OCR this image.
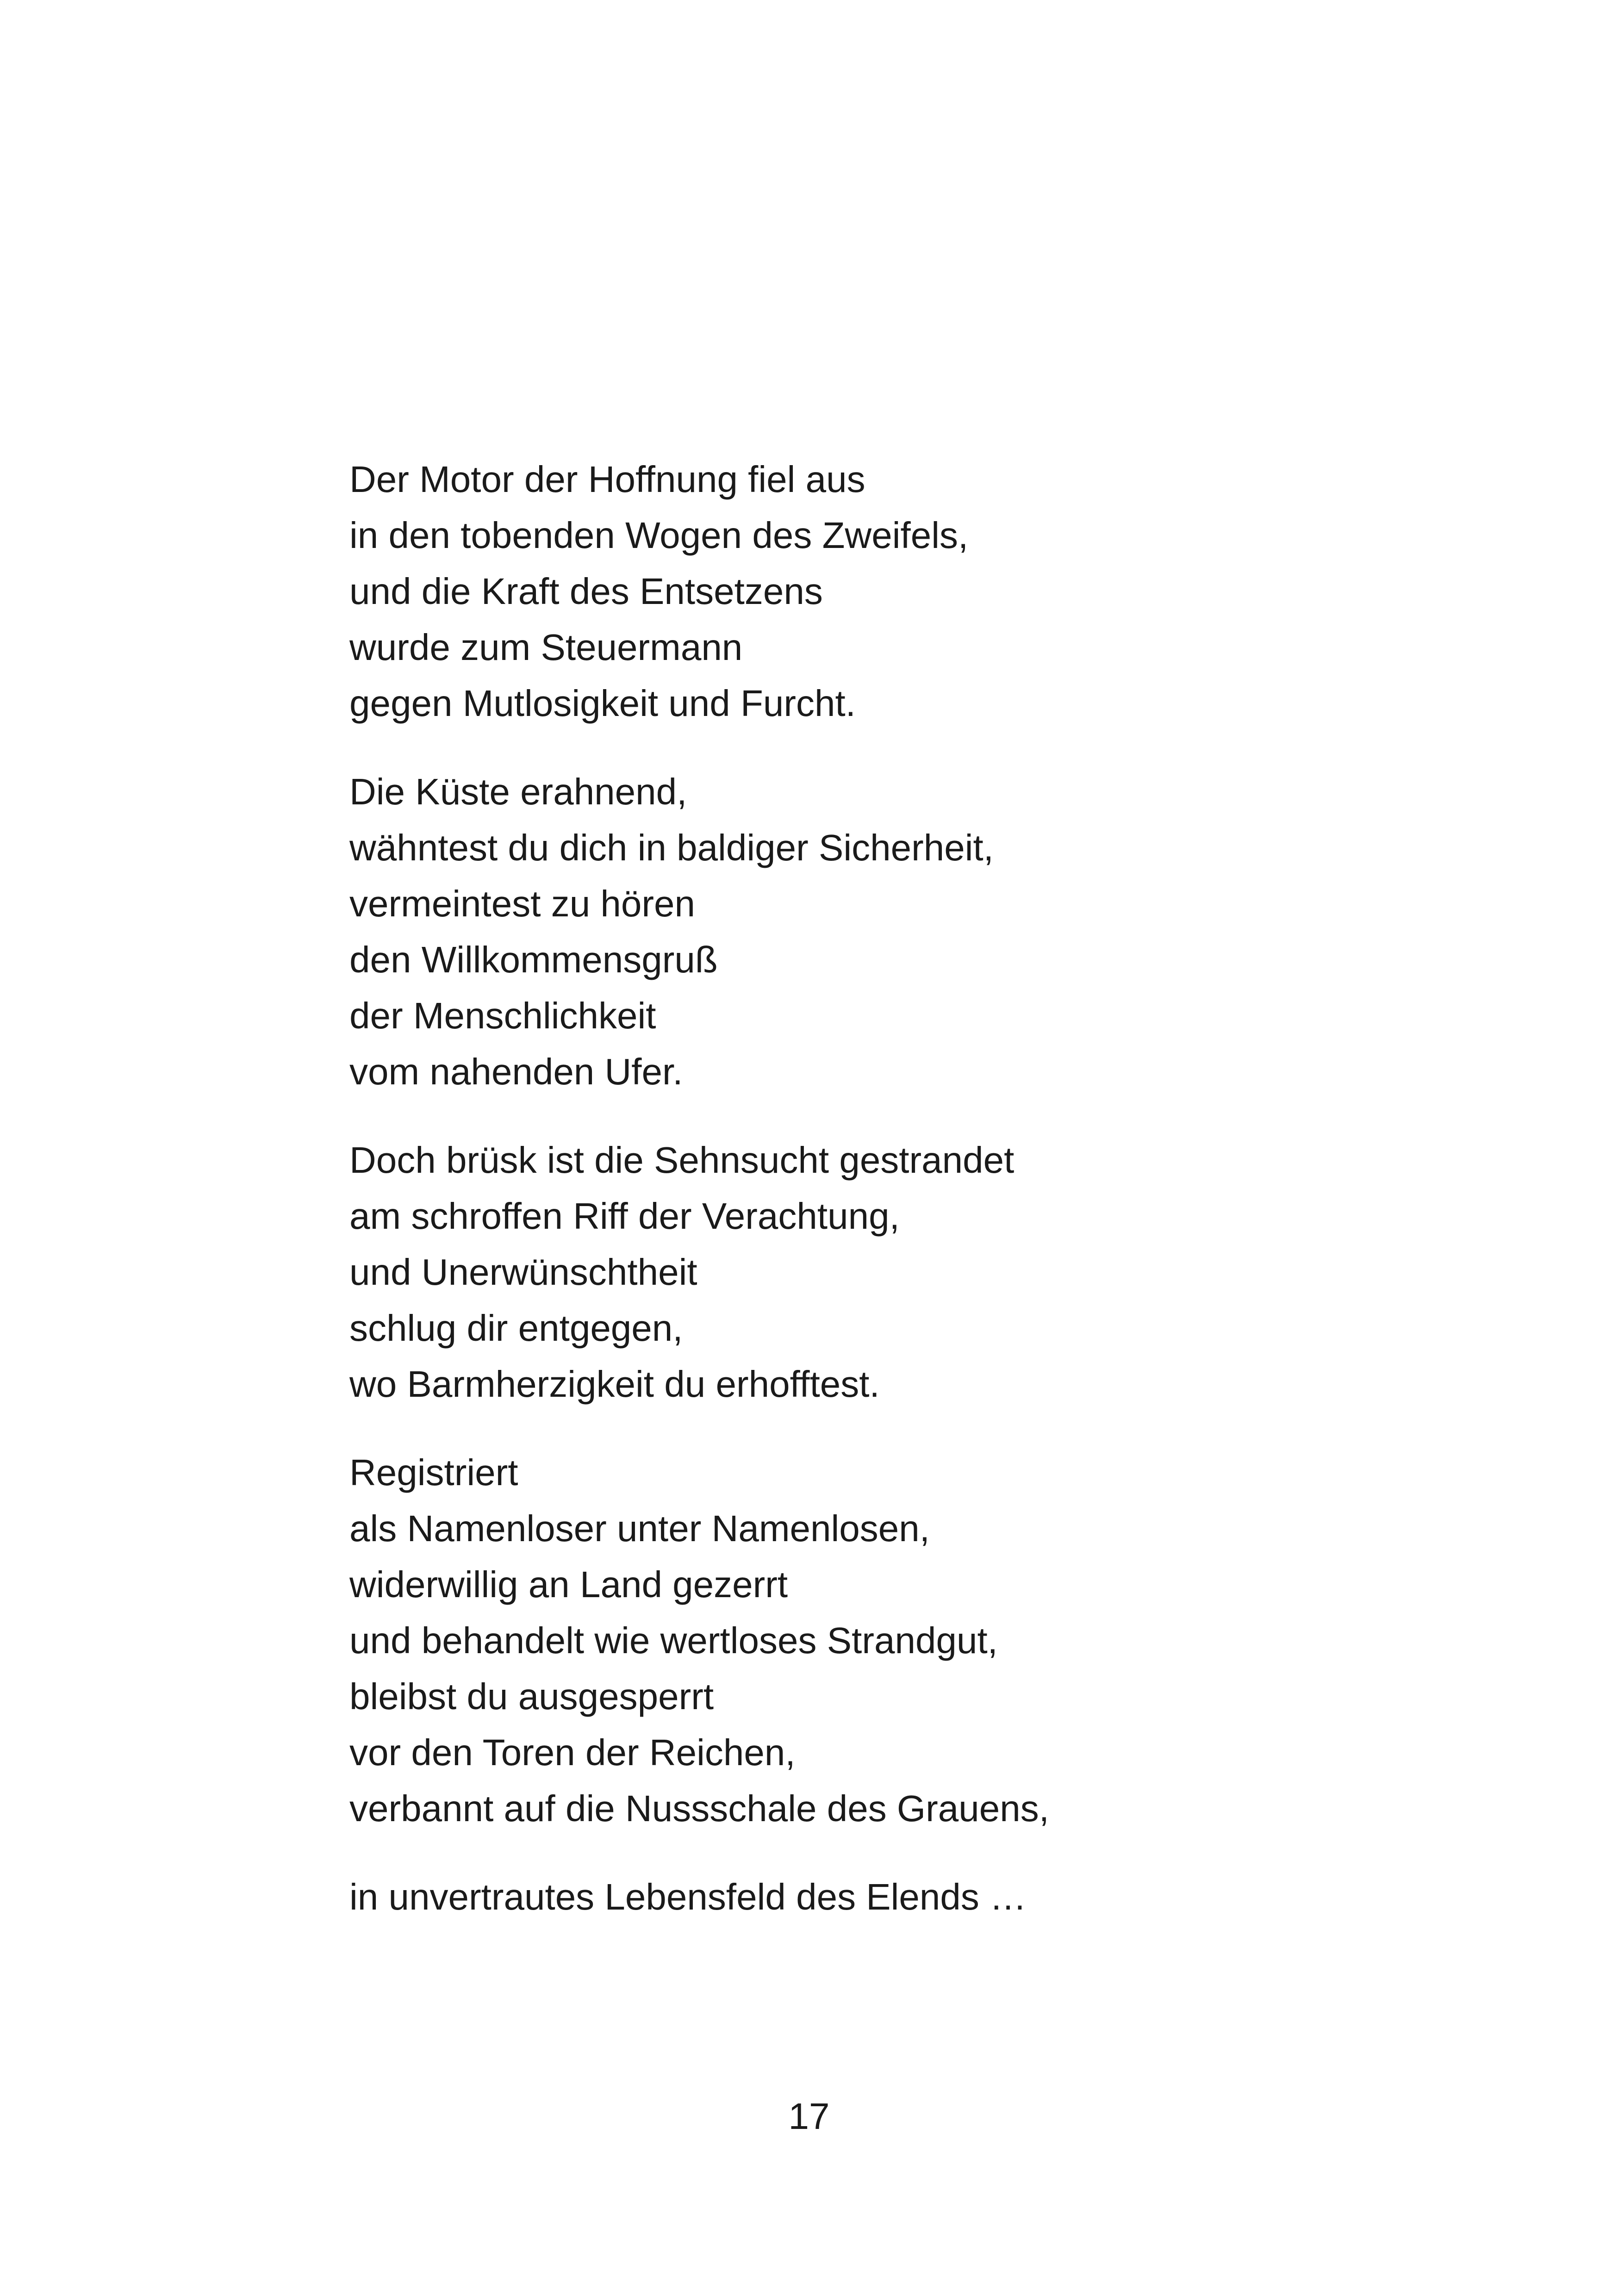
Der Motor der Hoffnung fiel aus
in den tobenden Wogen des Zweifels,
und die Kraft des Entsetzens
wurde zum Steuermann
gegen Mutlosigkeit und Furcht.
Die Küste erahnend,
wähntest du dich in baldiger Sicherheit,
vermeintest zu hören
den Willkommensgruß
der Menschlichkeit
vom nahenden Ufer.
Doch brüsk ist die Sehnsucht gestrandet
am schroffen Riff der Verachtung,
und Unerwünschtheit
schlug dir entgegen,
wo Barmherzigkeit du erhofftest.
Registriert
als Namenloser unter Namenlosen,
widerwillig an Land gezerrt
und behandelt wie wertloses Strandgut,
bleibst du ausgesperrt
vor den Toren der Reichen,
verbannt auf die Nussschale des Grauens,
in unvertrautes Lebensfeld des Elends …
17
